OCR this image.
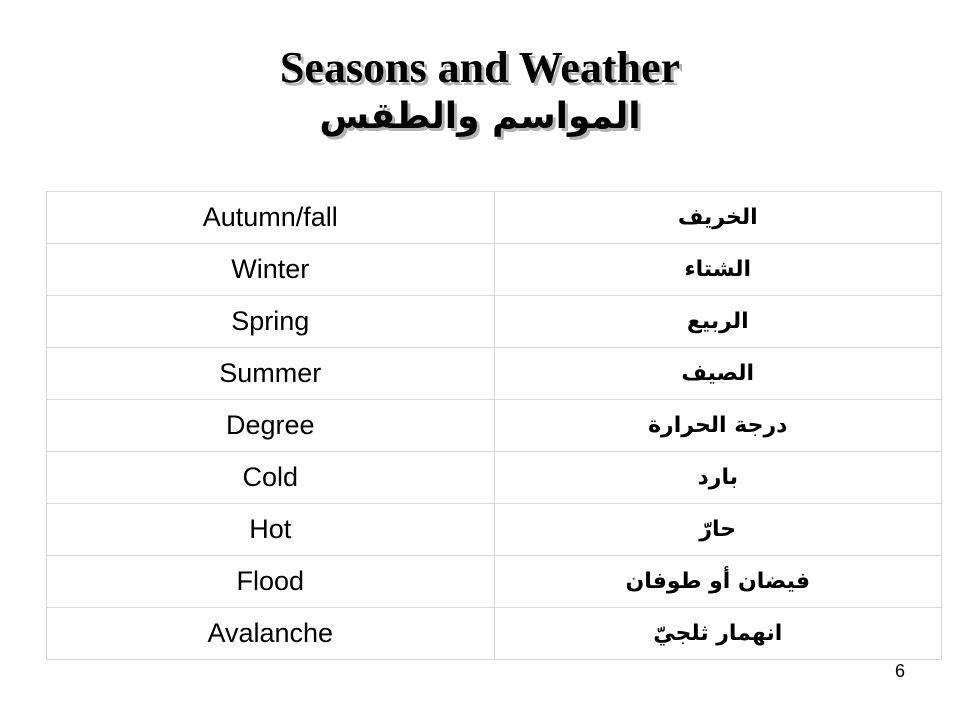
Seasons and Weather
المواسم والطقس
Autumn/fall	الخريف
Winter	الشتاء
Spring	الربيع
Summer	الصيف
Degree	درجة الحرارة
Cold	بارد
Hot	حارّ
Flood	فيضان أو طوفان
Avalanche	انهمار ثلجيّ
6
